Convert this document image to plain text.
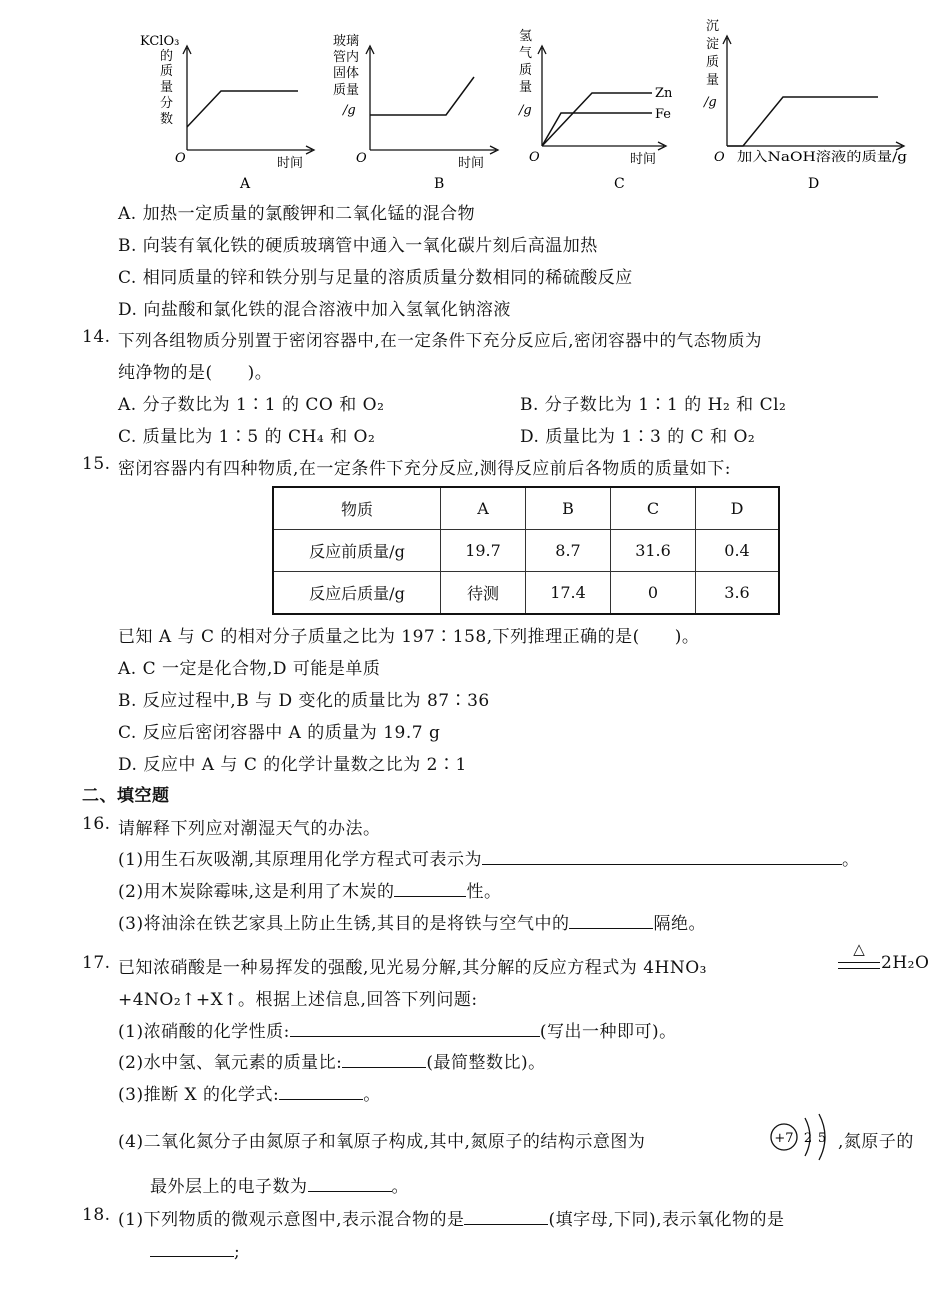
KClO₃
的
质
量
分
数
O	时间
A
玻璃
管内
固体
质量
/g
O	时间
B
氢
气
质
量
/g
Zn
Fe
O	时间
C
沉
淀
质
量
/g
O 加入NaOH溶液的质量/g
D
A. 加热一定质量的氯酸钾和二氧化锰的混合物
B. 向装有氧化铁的硬质玻璃管中通入一氧化碳片刻后高温加热
C. 相同质量的锌和铁分别与足量的溶质质量分数相同的稀硫酸反应
D. 向盐酸和氯化铁的混合溶液中加入氢氧化钠溶液
14. 下列各组物质分别置于密闭容器中,在一定条件下充分反应后,密闭容器中的气态物质为
纯净物的是(　　)。
A. 分子数比为 1∶1 的 CO 和 O₂	B. 分子数比为 1∶1 的 H₂ 和 Cl₂
C. 质量比为 1∶5 的 CH₄ 和 O₂	D. 质量比为 1∶3 的 C 和 O₂
15. 密闭容器内有四种物质,在一定条件下充分反应,测得反应前后各物质的质量如下:
物质	A	B	C	D
反应前质量/g	19.7	8.7	31.6	0.4
反应后质量/g	待测	17.4	0	3.6
已知 A 与 C 的相对分子质量之比为 197∶158,下列推理正确的是(　　)。
A. C 一定是化合物,D 可能是单质
B. 反应过程中,B 与 D 变化的质量比为 87∶36
C. 反应后密闭容器中 A 的质量为 19.7 g
D. 反应中 A 与 C 的化学计量数之比为 2∶1
二、填空题
16. 请解释下列应对潮湿天气的办法。
(1)用生石灰吸潮,其原理用化学方程式可表示为	。
(2)用木炭除霉味,这是利用了木炭的	性。
(3)将油涂在铁艺家具上防止生锈,其目的是将铁与空气中的	隔绝。
17. 已知浓硝酸是一种易挥发的强酸,见光易分解,其分解的反应方程式为 4HNO₃
△
2H₂O
+4NO₂↑+X↑。根据上述信息,回答下列问题:
(1)浓硝酸的化学性质:	(写出一种即可)。
(2)水中氢、氧元素的质量比:	(最简整数比)。
(3)推断 X 的化学式:	。
(4)二氧化氮分子由氮原子和氧原子构成,其中,氮原子的结构示意图为	+7 2 5 ,氮原子的
最外层上的电子数为	。
18. (1)下列物质的微观示意图中,表示混合物的是	(填字母,下同),表示氧化物的是
;
